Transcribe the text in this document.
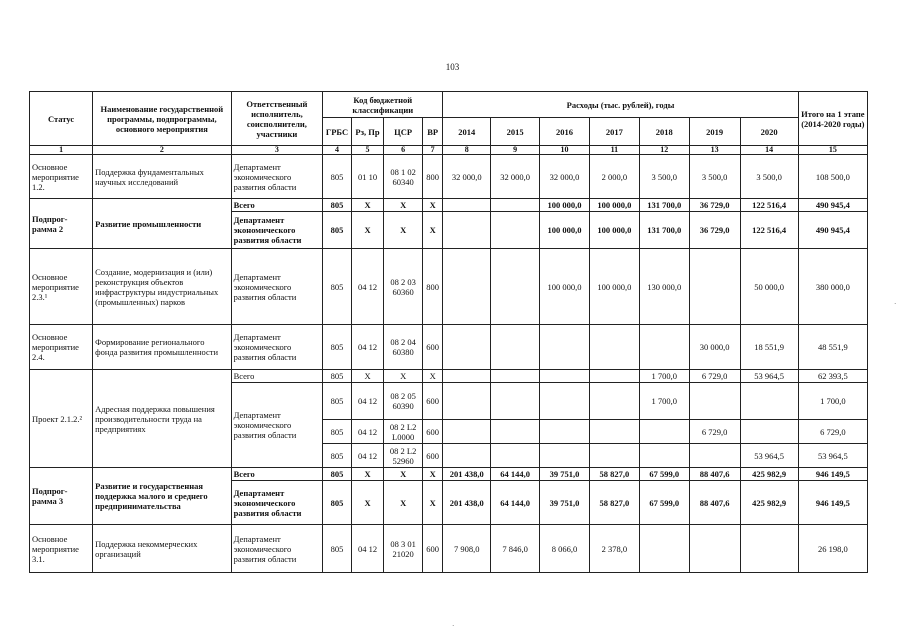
103
Статус	Наименование государственной программы, подпрограммы, основного мероприятия	Ответственный исполнитель, соисполнители, участники	Код бюджетной классификации				Расходы (тыс. рублей), годы							Итого на 1 этапе (2014-2020 годы)
			ГРБС	Рз, Пр	ЦСР	ВР	2014	2015	2016	2017	2018	2019	2020	
1	2	3	4	5	6	7	8	9	10	11	12	13	14	15
Основное мероприятие 1.2.	Поддержка фундаментальных научных исследований	Департамент экономического развития области	805	01 10	08 1 02 60340	800	32 000,0	32 000,0	32 000,0	2 000,0	3 500,0	3 500,0	3 500,0	108 500,0
Подпрог-рамма 2	Развитие промышленности	Всего	805	X	X	X			100 000,0	100 000,0	131 700,0	36 729,0	122 516,4	490 945,4
		Департамент экономического развития области	805	X	X	X			100 000,0	100 000,0	131 700,0	36 729,0	122 516,4	490 945,4
Основное мероприятие 2.3.¹	Создание, модернизация и (или) реконструкция объектов инфраструктуры индустриальных (промышленных) парков	Департамент экономического развития области	805	04 12	08 2 03 60360	800			100 000,0	100 000,0	130 000,0		50 000,0	380 000,0
Основное мероприятие 2.4.	Формирование регионального фонда развития промышленности	Департамент экономического развития области	805	04 12	08 2 04 60380	600						30 000,0	18 551,9	48 551,9
Проект 2.1.2.²	Адресная поддержка повышения производительности труда на предприятиях	Всего	805	X	X	X					1 700,0	6 729,0	53 964,5	62 393,5
		Департамент экономического развития области	805	04 12	08 2 05 60390	600					1 700,0			1 700,0
			805	04 12	08 2 L2 L0000	600						6 729,0		6 729,0
			805	04 12	08 2 L2 52960	600							53 964,5	53 964,5
Подпрог-рамма 3	Развитие и государственная поддержка малого и среднего предпринимательства	Всего	805	X	X	X	201 438,0	64 144,0	39 751,0	58 827,0	67 599,0	88 407,6	425 982,9	946 149,5
		Департамент экономического развития области	805	X	X	X	201 438,0	64 144,0	39 751,0	58 827,0	67 599,0	88 407,6	425 982,9	946 149,5
Основное мероприятие 3.1.	Поддержка некоммерческих организаций	Департамент экономического развития области	805	04 12	08 3 01 21020	600	7 908,0	7 846,0	8 066,0	2 378,0				26 198,0
·
·
